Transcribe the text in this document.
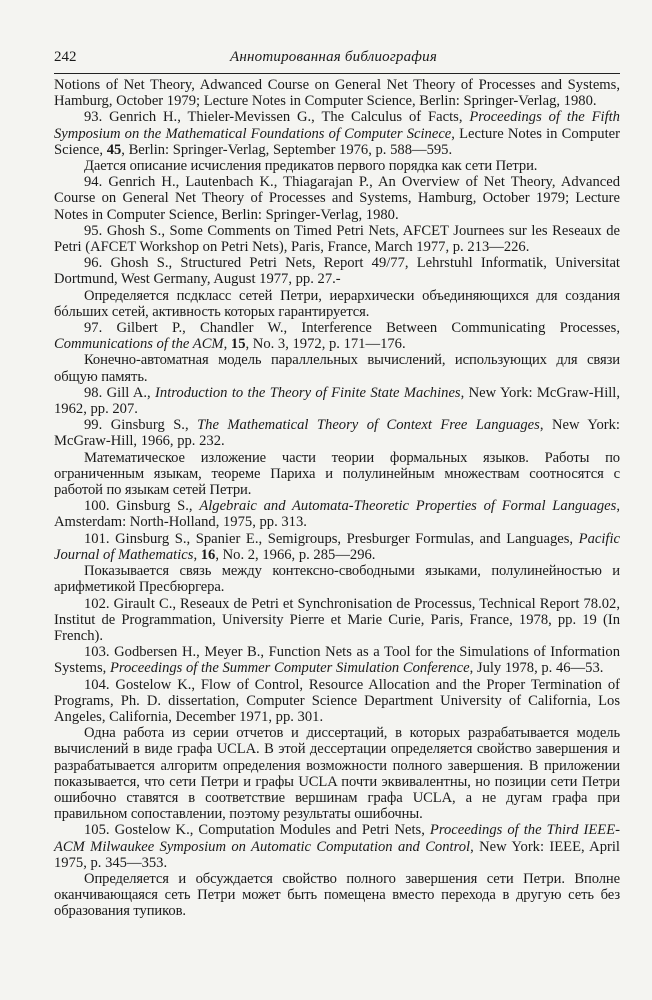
242	Аннотированная библиография

Notions of Net Theory, Adwanced Course on General Net Theory of Processes and Systems, Hamburg, October 1979; Lecture Notes in Computer Science, Berlin: Springer-Verlag, 1980.

93. Genrich H., Thieler-Mevissen G., The Calculus of Facts, Proceedings of the Fifth Symposium on the Mathematical Foundations of Computer Scinece, Lecture Notes in Computer Science, 45, Berlin: Springer-Verlag, September 1976, p. 588—595.

Дается описание исчисления предикатов первого порядка как сети Петри.

94. Genrich H., Lautenbach K., Thiagarajan P., An Overview of Net Theory, Advanced Course on General Net Theory of Processes and Systems, Hamburg, October 1979; Lecture Notes in Computer Science, Berlin: Springer-Verlag, 1980.

95. Ghosh S., Some Comments on Timed Petri Nets, AFCET Journees sur les Reseaux de Petri (AFCET Workshop on Petri Nets), Paris, France, March 1977, p. 213—226.

96. Ghosh S., Structured Petri Nets, Report 49/77, Lehrstuhl Informatik, Universitat Dortmund, West Germany, August 1977, pp. 27.-

Определяется псдкласс сетей Петри, иерархически объединяющихся для создания бóльших сетей, активность которых гарантируется.

97. Gilbert P., Chandler W., Interference Between Communicating Processes, Communications of the ACM, 15, No. 3, 1972, p. 171—176.

Конечно-автоматная модель параллельных вычислений, использующих для связи общую память.

98. Gill A., Introduction to the Theory of Finite State Machines, New York: McGraw-Hill, 1962, pp. 207.

99. Ginsburg S., The Mathematical Theory of Context Free Languages, New York: McGraw-Hill, 1966, pp. 232.

Математическое изложение части теории формальных языков. Работы по ограниченным языкам, теореме Париха и полулинейным множествам соотносятся с работой по языкам сетей Петри.

100. Ginsburg S., Algebraic and Automata-Theoretic Properties of Formal Languages, Amsterdam: North-Holland, 1975, pp. 313.

101. Ginsburg S., Spanier E., Semigroups, Presburger Formulas, and Languages, Pacific Journal of Mathematics, 16, No. 2, 1966, p. 285—296.

Показывается связь между контексно-свободными языками, полулинейностью и арифметикой Пресбюргера.

102. Girault C., Reseaux de Petri et Synchronisation de Processus, Technical Report 78.02, Institut de Programmation, University Pierre et Marie Curie, Paris, France, 1978, pp. 19 (In French).

103. Godbersen H., Meyer B., Function Nets as a Tool for the Simulations of Information Systems, Proceedings of the Summer Computer Simulation Conference, July 1978, p. 46—53.

104. Gostelow K., Flow of Control, Resource Allocation and the Proper Termination of Programs, Ph. D. dissertation, Computer Science Department University of California, Los Angeles, California, December 1971, pp. 301.

Одна работа из серии отчетов и диссертаций, в которых разрабатывается модель вычислений в виде графа UCLA. В этой дессертации определяется свойство завершения и разрабатывается алгоритм определения возможности полного завершения. В приложении показывается, что сети Петри и графы UCLA почти эквивалентны, но позиции сети Петри ошибочно ставятся в соответствие вершинам графа UCLA, а не дугам графа при правильном сопоставлении, поэтому результаты ошибочны.

105. Gostelow K., Computation Modules and Petri Nets, Proceedings of the Third IEEE-ACM Milwaukee Symposium on Automatic Computation and Control, New York: IEEE, April 1975, p. 345—353.

Определяется и обсуждается свойство полного завершения сети Петри. Вполне оканчивающаяся сеть Петри может быть помещена вместо перехода в другую сеть без образования тупиков.
